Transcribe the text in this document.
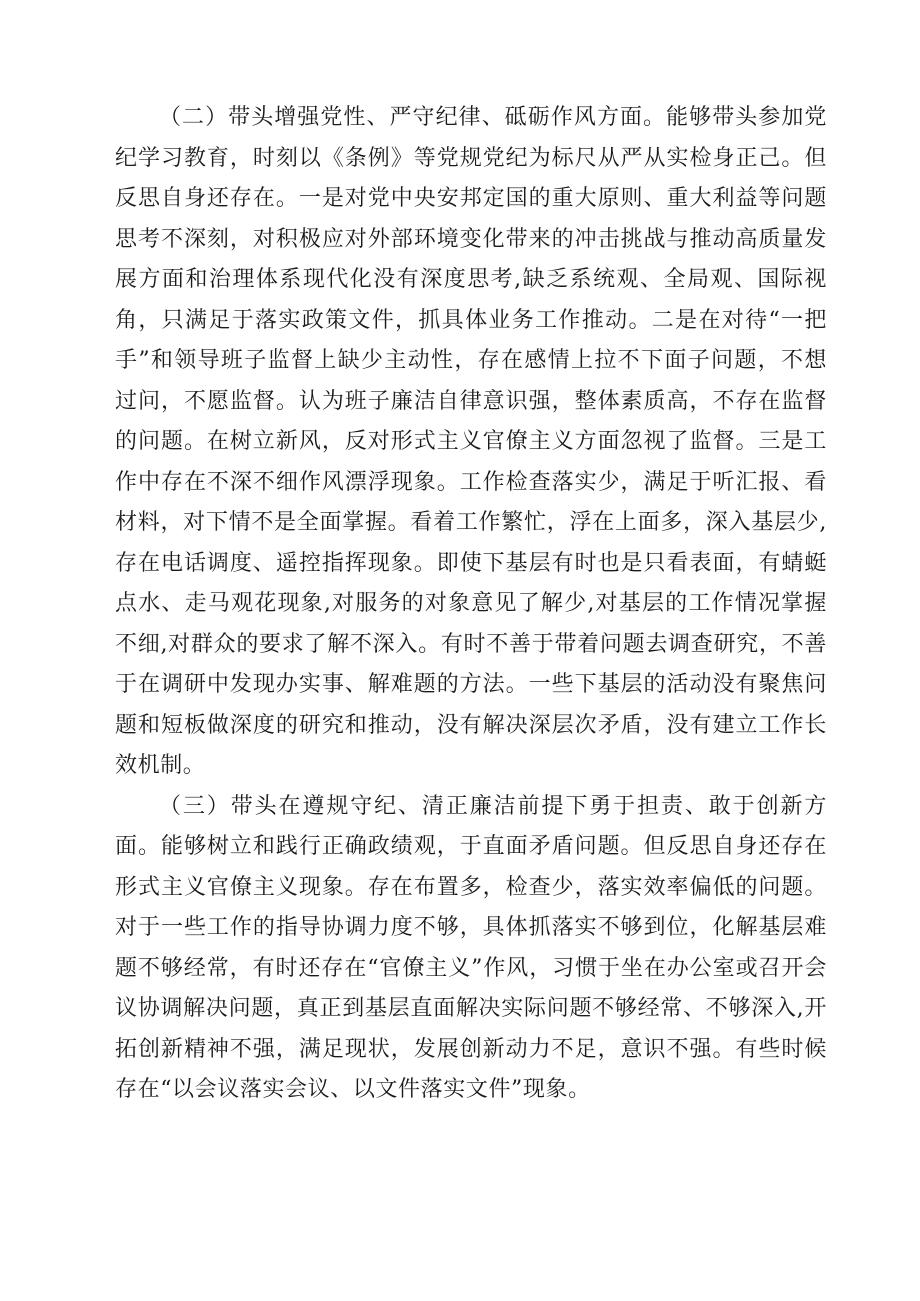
（二）带头增强党性、严守纪律、砥砺作风方面。能够带头参加党纪学习教育，时刻以《条例》等党规党纪为标尺从严从实检身正己。但反思自身还存在。一是对党中央安邦定国的重大原则、重大利益等问题思考不深刻，对积极应对外部环境变化带来的冲击挑战与推动高质量发展方面和治理体系现代化没有深度思考,缺乏系统观、全局观、国际视角，只满足于落实政策文件，抓具体业务工作推动。二是在对待“一把手”和领导班子监督上缺少主动性，存在感情上拉不下面子问题，不想过问，不愿监督。认为班子廉洁自律意识强，整体素质高，不存在监督的问题。在树立新风，反对形式主义官僚主义方面忽视了监督。三是工作中存在不深不细作风漂浮现象。工作检查落实少，满足于听汇报、看材料，对下情不是全面掌握。看着工作繁忙，浮在上面多，深入基层少,存在电话调度、遥控指挥现象。即使下基层有时也是只看表面，有蜻蜓点水、走马观花现象,对服务的对象意见了解少,对基层的工作情况掌握不细,对群众的要求了解不深入。有时不善于带着问题去调查研究，不善于在调研中发现办实事、解难题的方法。一些下基层的活动没有聚焦问题和短板做深度的研究和推动，没有解决深层次矛盾，没有建立工作长效机制。

（三）带头在遵规守纪、清正廉洁前提下勇于担责、敢于创新方面。能够树立和践行正确政绩观，于直面矛盾问题。但反思自身还存在形式主义官僚主义现象。存在布置多，检查少，落实效率偏低的问题。对于一些工作的指导协调力度不够，具体抓落实不够到位，化解基层难题不够经常，有时还存在“官僚主义”作风，习惯于坐在办公室或召开会议协调解决问题，真正到基层直面解决实际问题不够经常、不够深入,开拓创新精神不强，满足现状，发展创新动力不足，意识不强。有些时候存在“以会议落实会议、以文件落实文件”现象。
